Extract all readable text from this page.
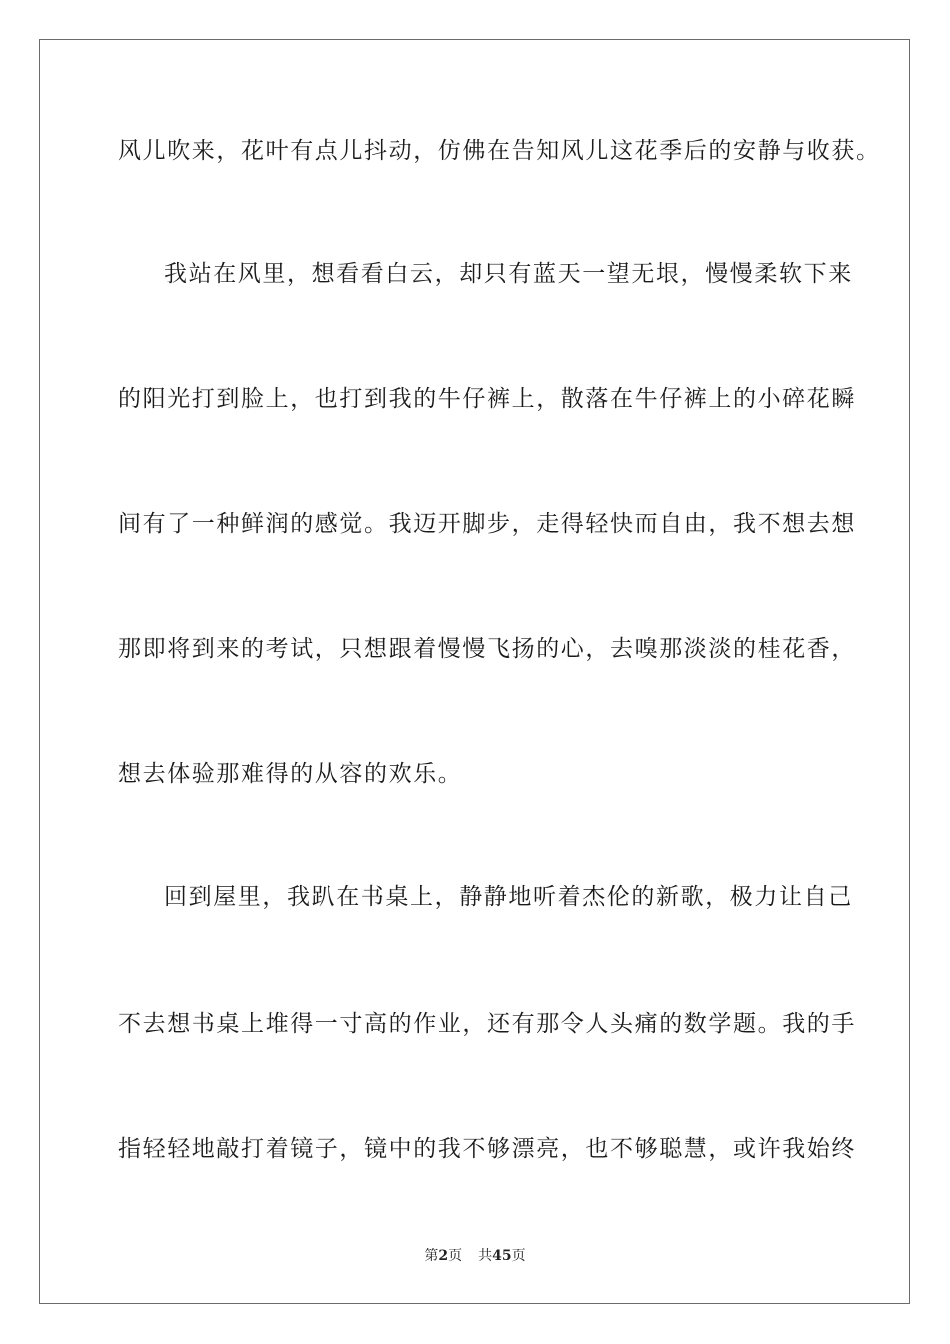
风儿吹来，花叶有点儿抖动，仿佛在告知风儿这花季后的安静与收获。
我站在风里，想看看白云，却只有蓝天一望无垠，慢慢柔软下来
的阳光打到脸上，也打到我的牛仔裤上，散落在牛仔裤上的小碎花瞬
间有了一种鲜润的感觉。我迈开脚步，走得轻快而自由，我不想去想
那即将到来的考试，只想跟着慢慢飞扬的心，去嗅那淡淡的桂花香，
想去体验那难得的从容的欢乐。
回到屋里，我趴在书桌上，静静地听着杰伦的新歌，极力让自己
不去想书桌上堆得一寸高的作业，还有那令人头痛的数学题。我的手
指轻轻地敲打着镜子，镜中的我不够漂亮，也不够聪慧，或许我始终
第2页 共45页
